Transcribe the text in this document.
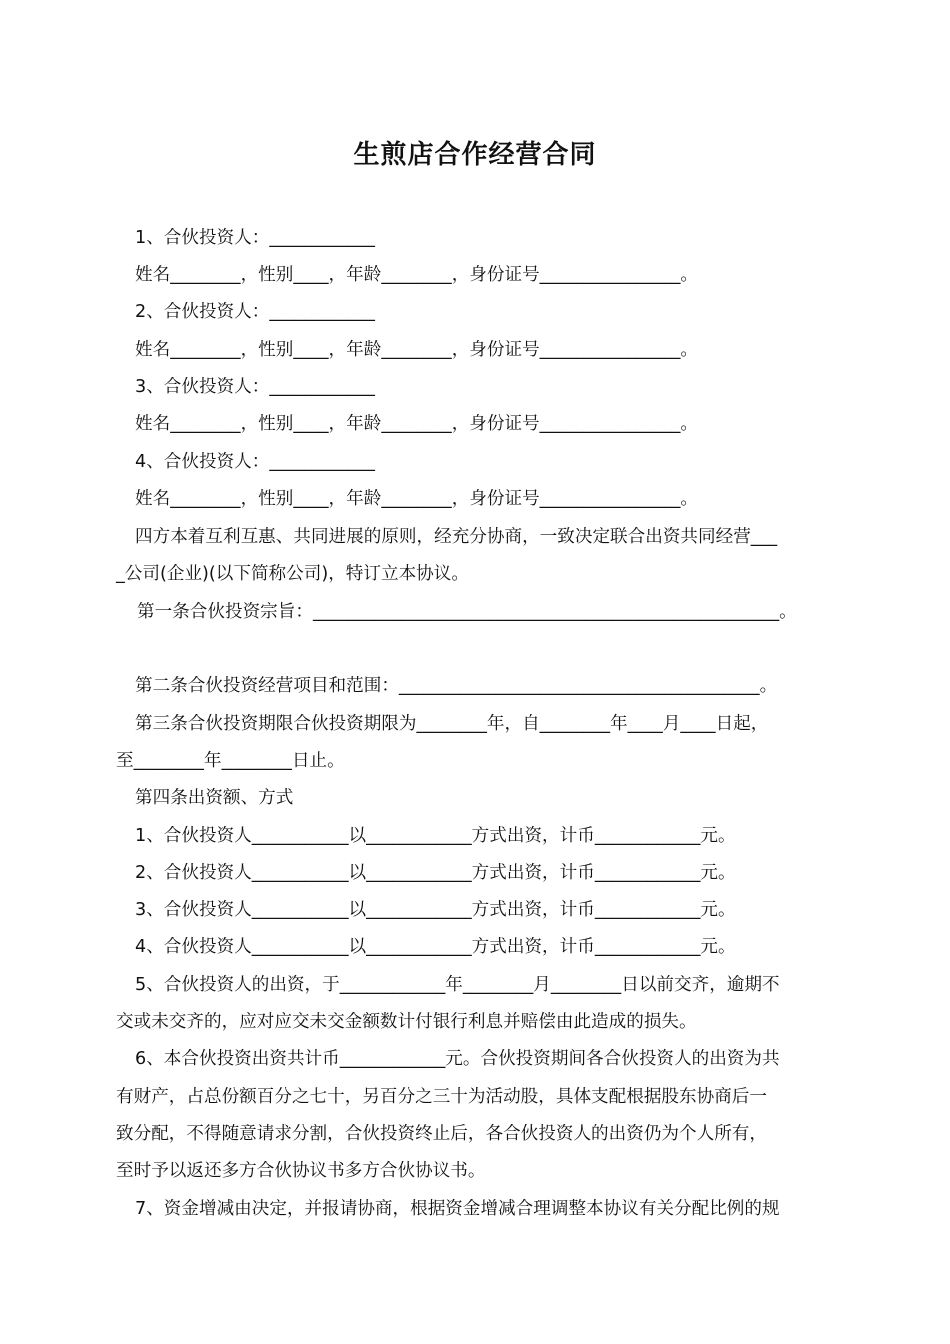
生煎店合作经营合同
1、合伙投资人：____________
姓名________，性别____，年龄________，身份证号________________。
2、合伙投资人：____________
姓名________，性别____，年龄________，身份证号________________。
3、合伙投资人：____________
姓名________，性别____，年龄________，身份证号________________。
4、合伙投资人：____________
姓名________，性别____，年龄________，身份证号________________。
四方本着互利互惠、共同进展的原则，经充分协商，一致决定联合出资共同经营___
_公司(企业)(以下简称公司)，特订立本协议。
第一条合伙投资宗旨：_____________________________________________________。
第二条合伙投资经营项目和范围：_________________________________________。
第三条合伙投资期限合伙投资期限为________年，自________年____月____日起，
至________年________日止。
第四条出资额、方式
1、合伙投资人___________以____________方式出资，计币____________元。
2、合伙投资人___________以____________方式出资，计币____________元。
3、合伙投资人___________以____________方式出资，计币____________元。
4、合伙投资人___________以____________方式出资，计币____________元。
5、合伙投资人的出资，于____________年________月________日以前交齐，逾期不
交或未交齐的，应对应交未交金额数计付银行利息并赔偿由此造成的损失。
6、本合伙投资出资共计币____________元。合伙投资期间各合伙投资人的出资为共
有财产，占总份额百分之七十，另百分之三十为活动股，具体支配根据股东协商后一
致分配，不得随意请求分割，合伙投资终止后，各合伙投资人的出资仍为个人所有，
至时予以返还多方合伙协议书多方合伙协议书。
7、资金增减由决定，并报请协商，根据资金增减合理调整本协议有关分配比例的规
